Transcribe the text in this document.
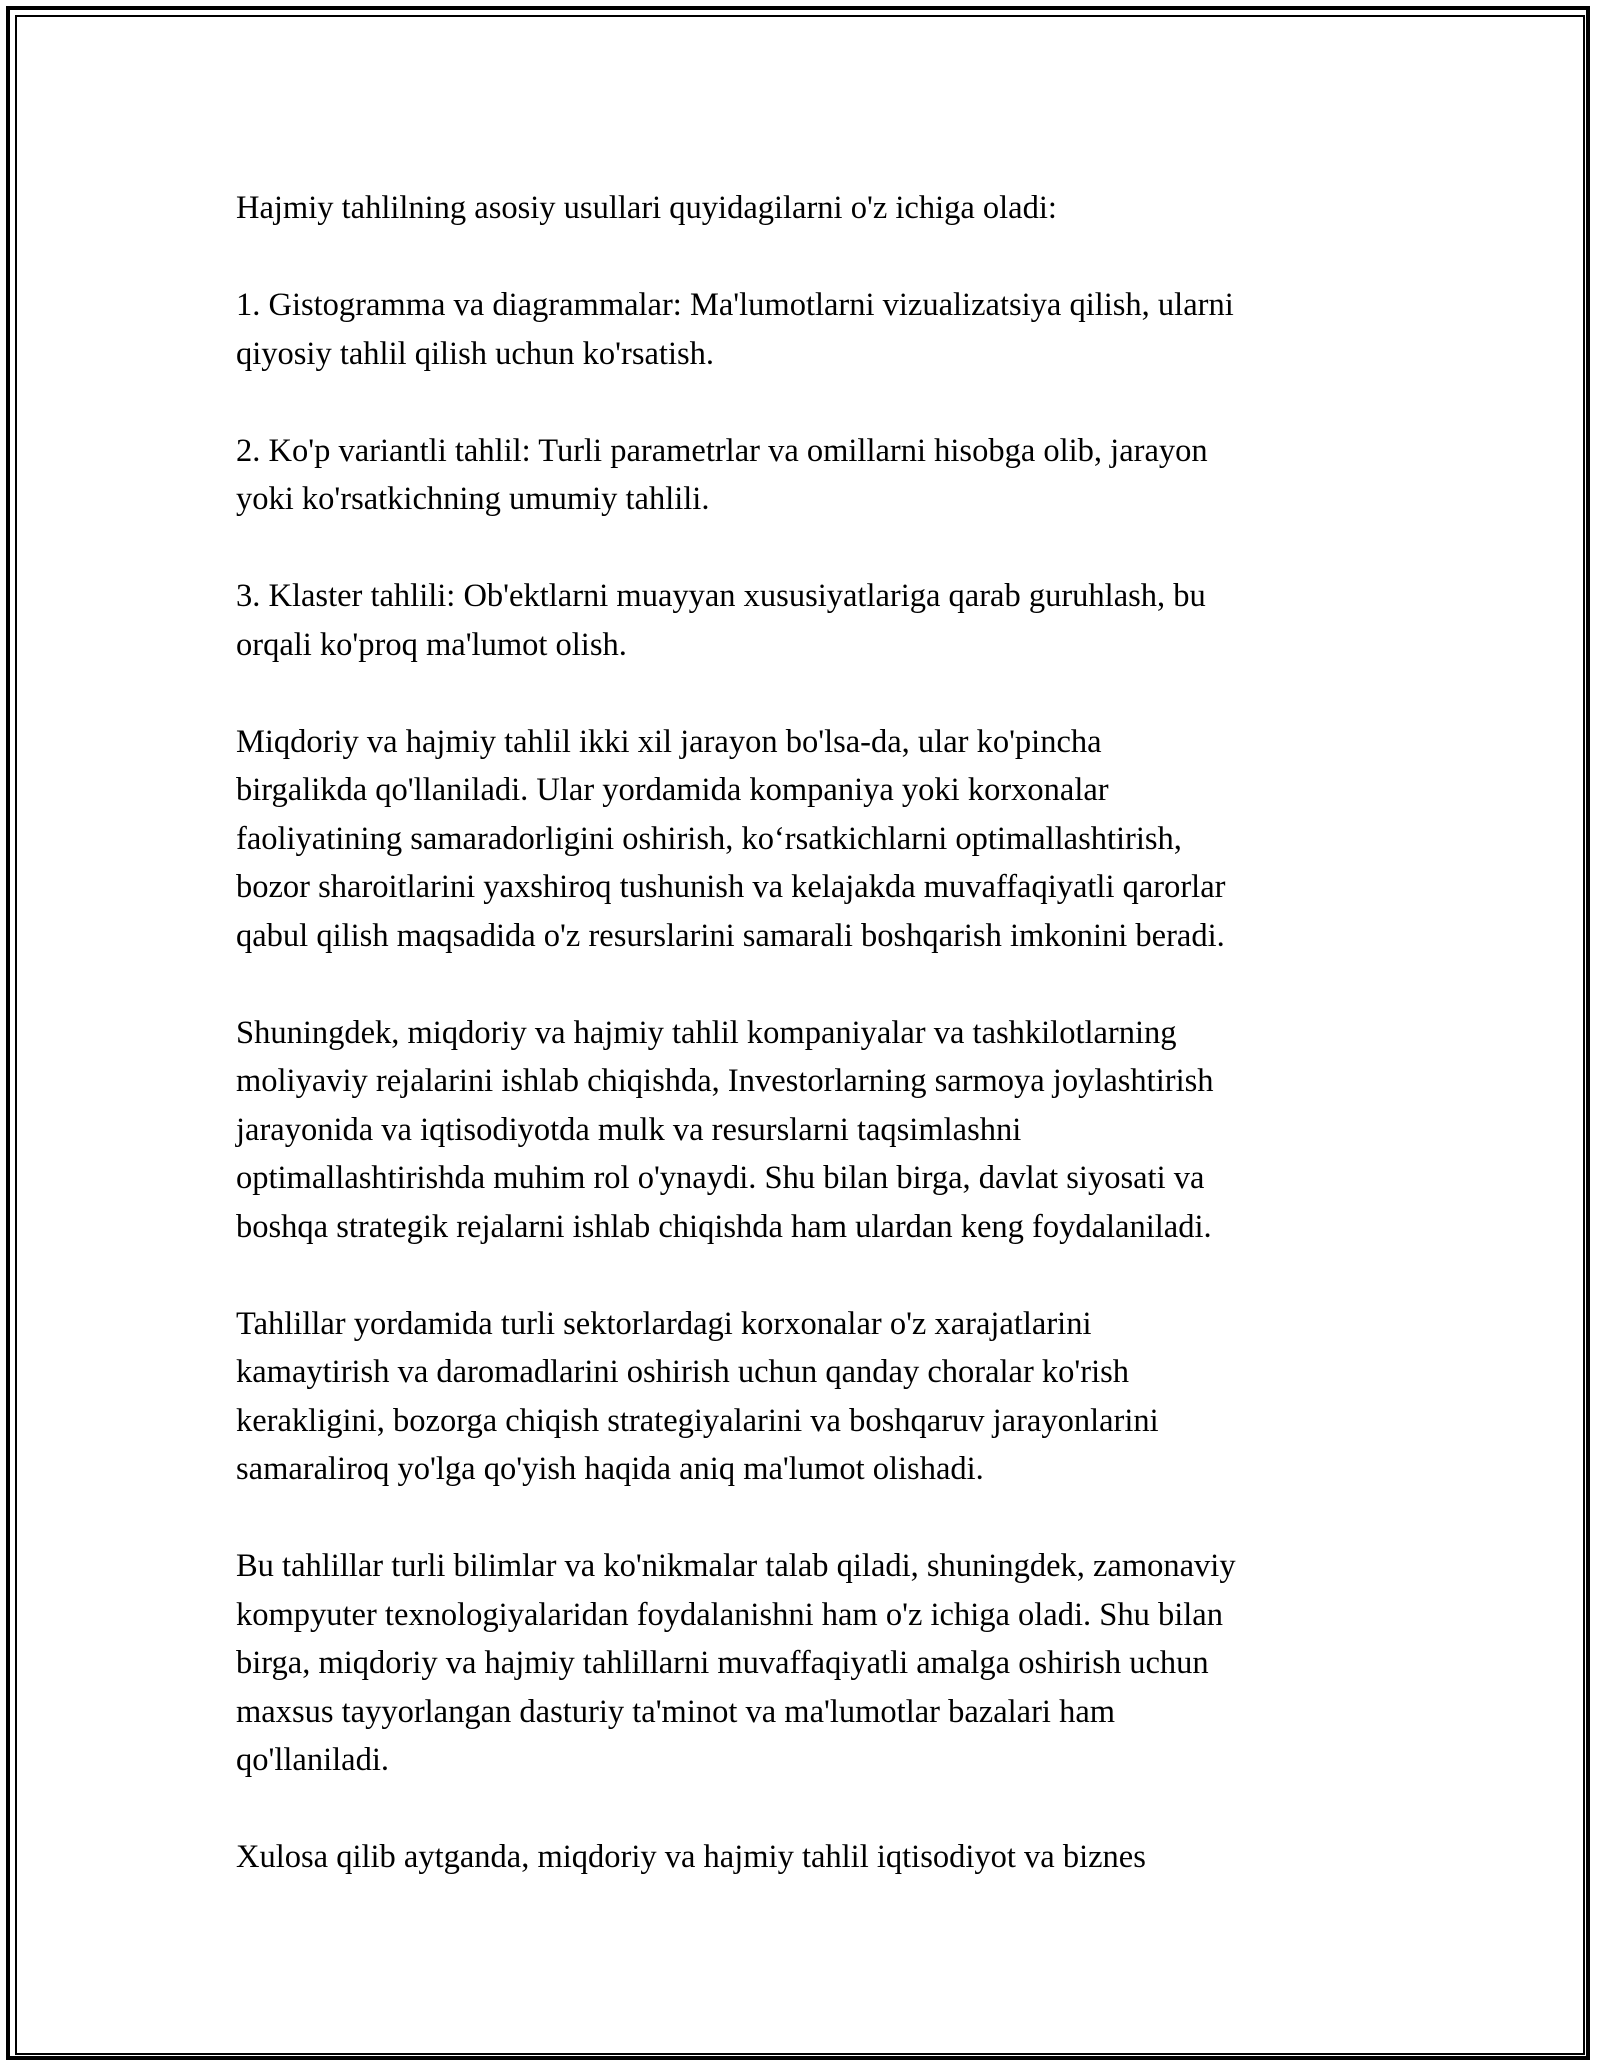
Hajmiy tahlilning asosiy usullari quyidagilarni o'z ichiga oladi:

1. Gistogramma va diagrammalar: Ma'lumotlarni vizualizatsiya qilish, ularni
qiyosiy tahlil qilish uchun ko'rsatish.

2. Ko'p variantli tahlil: Turli parametrlar va omillarni hisobga olib, jarayon
yoki ko'rsatkichning umumiy tahlili.

3. Klaster tahlili: Ob'ektlarni muayyan xususiyatlariga qarab guruhlash, bu
orqali ko'proq ma'lumot olish.

Miqdoriy va hajmiy tahlil ikki xil jarayon bo'lsa-da, ular ko'pincha
birgalikda qo'llaniladi. Ular yordamida kompaniya yoki korxonalar
faoliyatining samaradorligini oshirish, ko‘rsatkichlarni optimallashtirish,
bozor sharoitlarini yaxshiroq tushunish va kelajakda muvaffaqiyatli qarorlar
qabul qilish maqsadida o'z resurslarini samarali boshqarish imkonini beradi.

Shuningdek, miqdoriy va hajmiy tahlil kompaniyalar va tashkilotlarning
moliyaviy rejalarini ishlab chiqishda, Investorlarning sarmoya joylashtirish
jarayonida va iqtisodiyotda mulk va resurslarni taqsimlashni
optimallashtirishda muhim rol o'ynaydi. Shu bilan birga, davlat siyosati va
boshqa strategik rejalarni ishlab chiqishda ham ulardan keng foydalaniladi.

Tahlillar yordamida turli sektorlardagi korxonalar o'z xarajatlarini
kamaytirish va daromadlarini oshirish uchun qanday choralar ko'rish
kerakligini, bozorga chiqish strategiyalarini va boshqaruv jarayonlarini
samaraliroq yo'lga qo'yish haqida aniq ma'lumot olishadi.

Bu tahlillar turli bilimlar va ko'nikmalar talab qiladi, shuningdek, zamonaviy
kompyuter texnologiyalaridan foydalanishni ham o'z ichiga oladi. Shu bilan
birga, miqdoriy va hajmiy tahlillarni muvaffaqiyatli amalga oshirish uchun
maxsus tayyorlangan dasturiy ta'minot va ma'lumotlar bazalari ham
qo'llaniladi.

Xulosa qilib aytganda, miqdoriy va hajmiy tahlil iqtisodiyot va biznes
